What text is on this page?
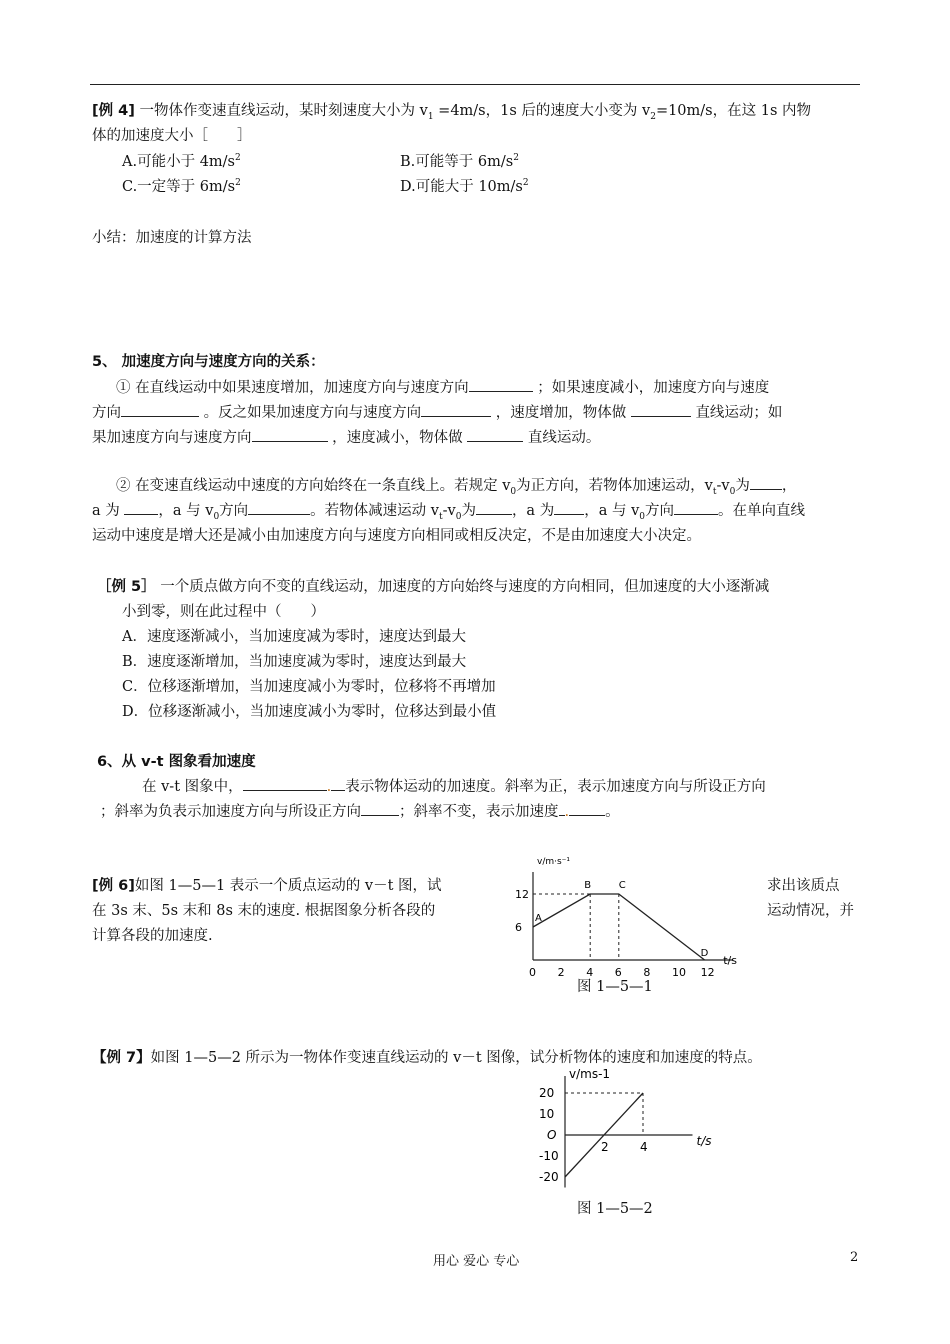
[例 4] 一物体作变速直线运动，某时刻速度大小为 $v_1 =4m/s$，1s 后的速度大小变为 $v_2=10m/s$，在这 1s 内物
体的加速度大小［　　］
A.可能小于 $4m/s^2$	B.可能等于 $6m/s^2$
C.一定等于 $6m/s^2$	D.可能大于 $10m/s^2$
小结：加速度的计算方法
5、 加速度方向与速度方向的关系：
① 在直线运动中如果速度增加，加速度方向与速度方向	；如果速度减小，加速度方向与速度
方向	。反之如果加速度方向与速度方向	，速度增加，物体做	直线运动；如
果加速度方向与速度方向	，速度减小，物体做	直线运动。
② 在变速直线运动中速度的方向始终在一条直线上。若规定 $v_0$为正方向，若物体加速运动，$v_t-v_0$为 ，
a 为	，a 与 $v_0$方向	。若物体减速运动 $v_t-v_0$为 ，a 为 ，a 与 $v_0$方向	。在单向直线
运动中速度是增大还是减小由加速度方向与速度方向相同或相反决定，不是由加速度大小决定。
［例 5］ 一个质点做方向不变的直线运动，加速度的方向始终与速度的方向相同，但加速度的大小逐渐减
小到零，则在此过程中（　　）
A．速度逐渐减小，当加速度减为零时，速度达到最大
B．速度逐渐增加，当加速度减为零时，速度达到最大
C．位移逐渐增加，当加速度减小为零时，位移将不再增加
D．位移逐渐减小，当加速度减小为零时，位移达到最小值
6、从 v-t 图象看加速度
在 v-t 图象中，	. 表示物体运动的加速度。斜率为正，表示加速度方向与所设正方向
；斜率为负表示加速度方向与所设正方向	；斜率不变，表示加速度 . 。
[例 6]如图 1—5—1 表示一个质点运动的 v－t 图，试
在 3s 末、5s 末和 8s 末的速度. 根据图象分析各段的
计算各段的加速度.
求出该质点
运动情况，并
v/m·s⁻¹
t/s
0 2 4 6 8 10 12
6
12
A
B	C
D
图 1—5—1
【例 7】如图 1—5—2 所示为一物体作变速直线运动的 v－t 图像，试分析物体的速度和加速度的特点。
v/ms-1
t/s
O
20
10
-10
-20
2	4
图 1—5—2
用心 爱心 专心	2
